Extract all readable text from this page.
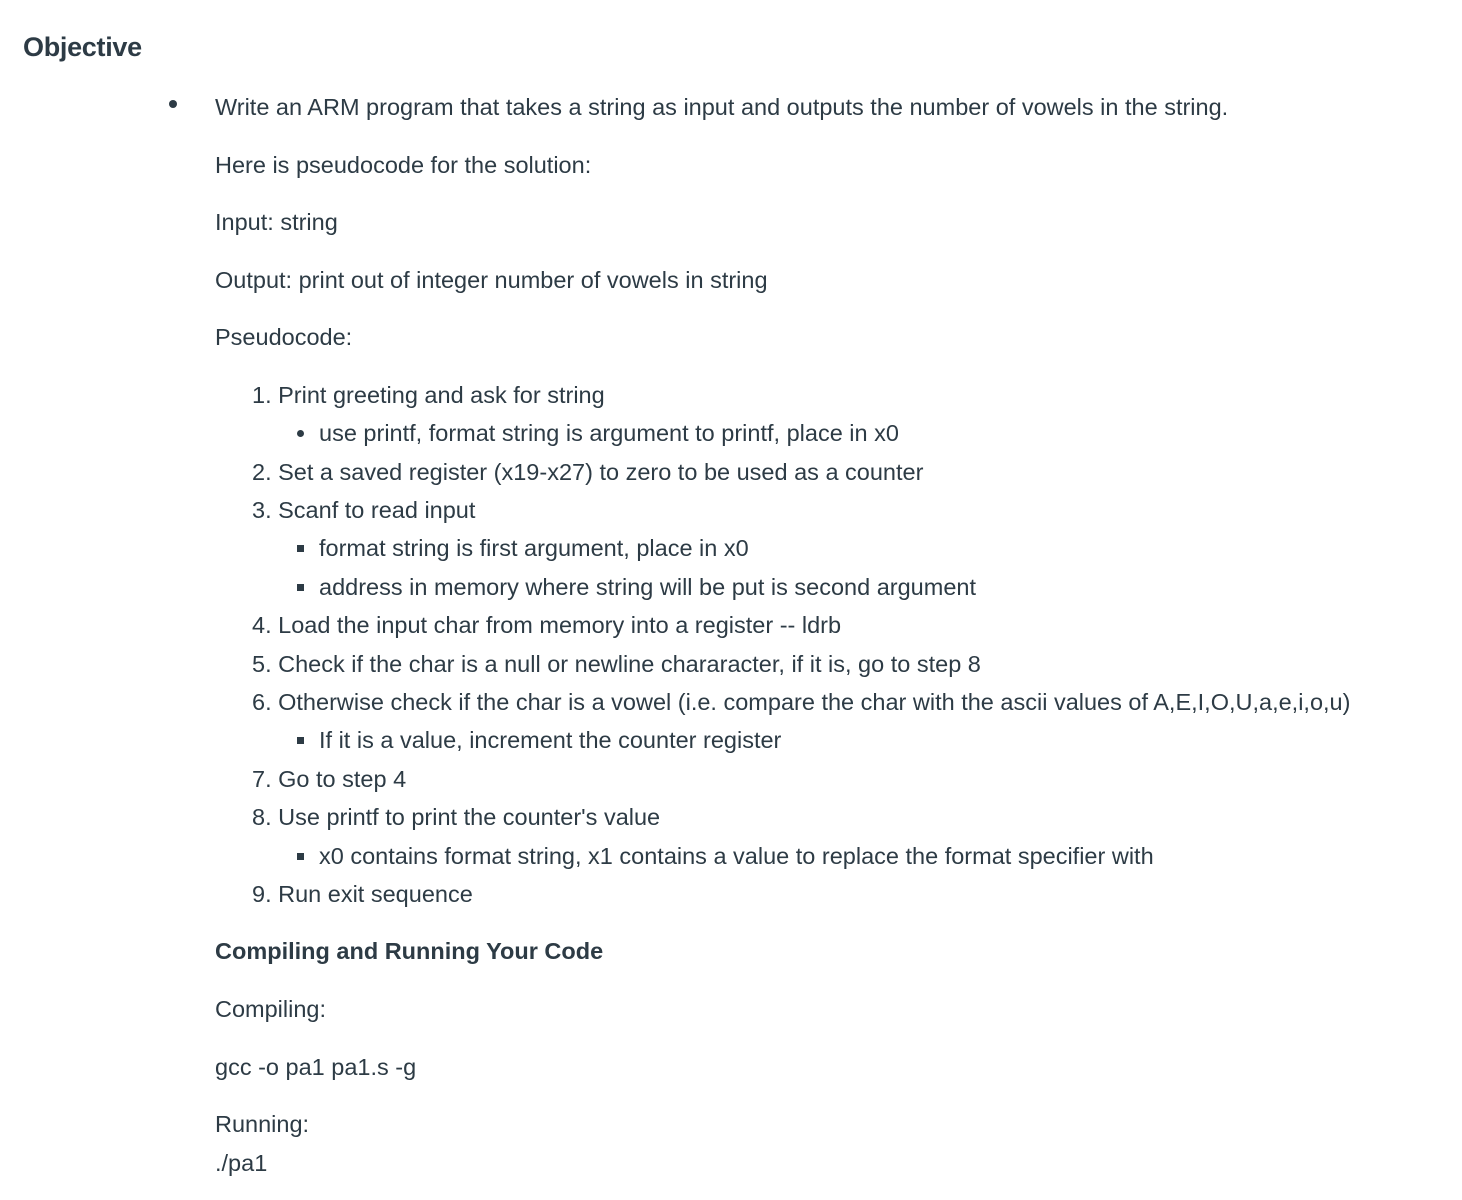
Objective

Write an ARM program that takes a string as input and outputs the number of vowels in the string.

Here is pseudocode for the solution:

Input: string

Output: print out of integer number of vowels in string

Pseudocode:

1. Print greeting and ask for string

use printf, format string is argument to printf, place in x0

2. Set a saved register (x19-x27) to zero to be used as a counter

3. Scanf to read input

format string is first argument, place in x0

address in memory where string will be put is second argument

4. Load the input char from memory into a register -- ldrb

5. Check if the char is a null or newline chararacter, if it is, go to step 8

6. Otherwise check if the char is a vowel (i.e. compare the char with the ascii values of A,E,I,O,U,a,e,i,o,u)

If it is a value, increment the counter register

7. Go to step 4

8. Use printf to print the counter's value

x0 contains format string, x1 contains a value to replace the format specifier with

9. Run exit sequence

Compiling and Running Your Code

Compiling:

gcc -o pa1 pa1.s -g

Running:

./pa1
